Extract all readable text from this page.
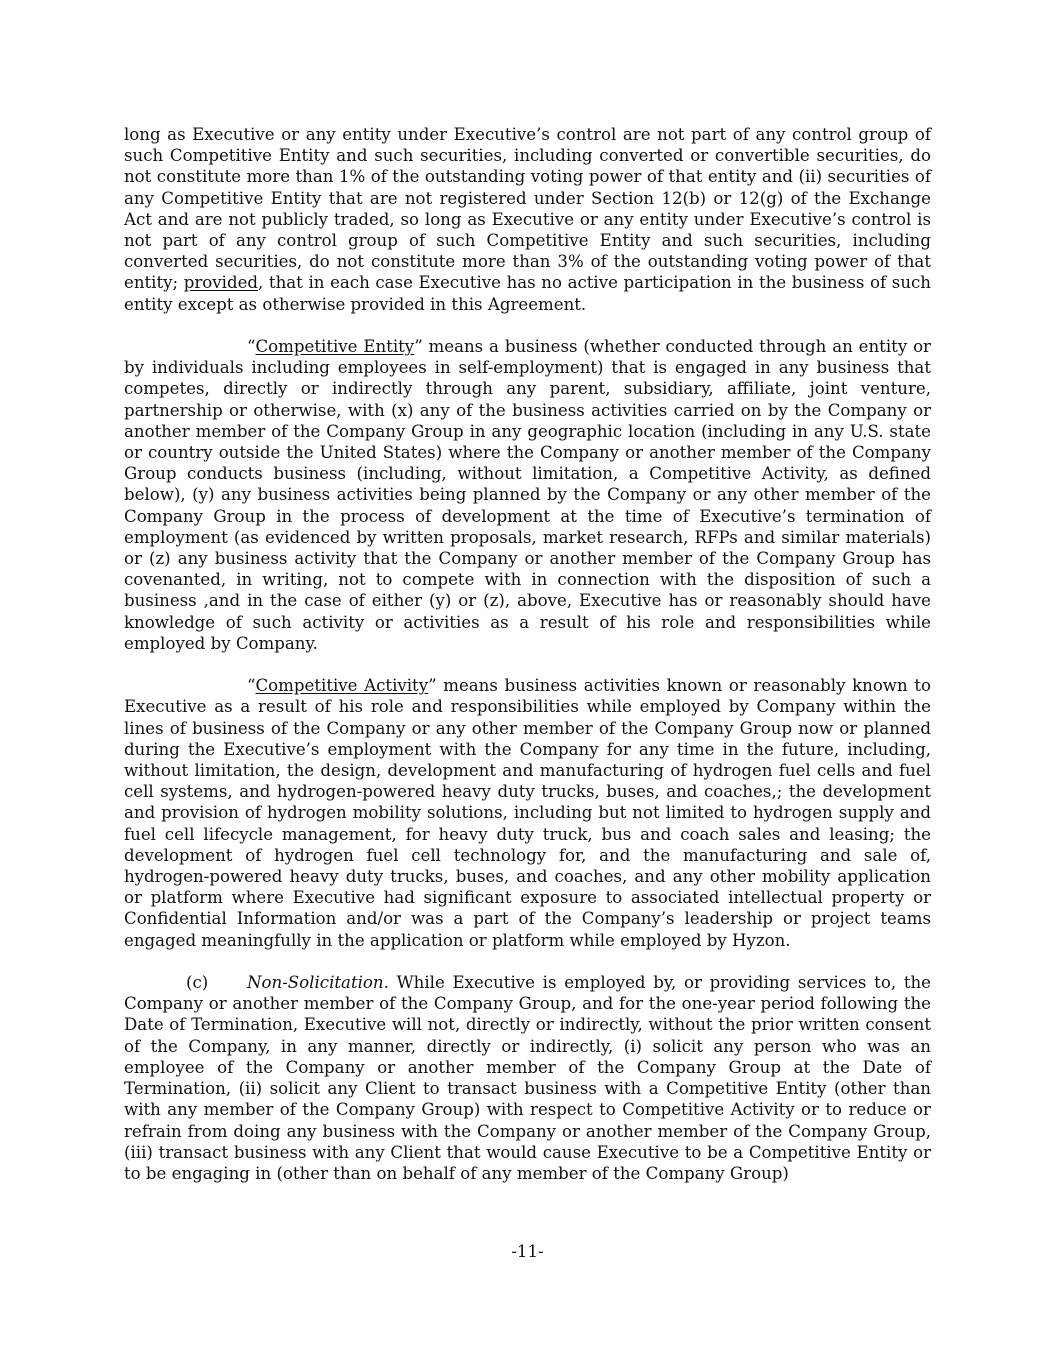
long as Executive or any entity under Executive’s control are not part of any control group of such Competitive Entity and such securities, including converted or convertible securities, do not constitute more than 1% of the outstanding voting power of that entity and (ii) securities of any Competitive Entity that are not registered under Section 12(b) or 12(g) of the Exchange Act and are not publicly traded, so long as Executive or any entity under Executive’s control is not part of any control group of such Competitive Entity and such securities, including converted securities, do not constitute more than 3% of the outstanding voting power of that entity; provided, that in each case Executive has no active participation in the business of such entity except as otherwise provided in this Agreement.

“Competitive Entity” means a business (whether conducted through an entity or by individuals including employees in self-employment) that is engaged in any business that competes, directly or indirectly through any parent, subsidiary, affiliate, joint venture, partnership or otherwise, with (x) any of the business activities carried on by the Company or another member of the Company Group in any geographic location (including in any U.S. state or country outside the United States) where the Company or another member of the Company Group conducts business (including, without limitation, a Competitive Activity, as defined below), (y) any business activities being planned by the Company or any other member of the Company Group in the process of development at the time of Executive’s termination of employment (as evidenced by written proposals, market research, RFPs and similar materials) or (z) any business activity that the Company or another member of the Company Group has covenanted, in writing, not to compete with in connection with the disposition of such a business ,and in the case of either (y) or (z), above, Executive has or reasonably should have knowledge of such activity or activities as a result of his role and responsibilities while employed by Company.

“Competitive Activity” means business activities known or reasonably known to Executive as a result of his role and responsibilities while employed by Company within the lines of business of the Company or any other member of the Company Group now or planned during the Executive’s employment with the Company for any time in the future, including, without limitation, the design, development and manufacturing of hydrogen fuel cells and fuel cell systems, and hydrogen-powered heavy duty trucks, buses, and coaches,; the development and provision of hydrogen mobility solutions, including but not limited to hydrogen supply and fuel cell lifecycle management, for heavy duty truck, bus and coach sales and leasing; the development of hydrogen fuel cell technology for, and the manufacturing and sale of, hydrogen-powered heavy duty trucks, buses, and coaches, and any other mobility application or platform where Executive had significant exposure to associated intellectual property or Confidential Information and/or was a part of the Company’s leadership or project teams engaged meaningfully in the application or platform while employed by Hyzon.

(c) Non-Solicitation. While Executive is employed by, or providing services to, the Company or another member of the Company Group, and for the one-year period following the Date of Termination, Executive will not, directly or indirectly, without the prior written consent of the Company, in any manner, directly or indirectly, (i) solicit any person who was an employee of the Company or another member of the Company Group at the Date of Termination, (ii) solicit any Client to transact business with a Competitive Entity (other than with any member of the Company Group) with respect to Competitive Activity or to reduce or refrain from doing any business with the Company or another member of the Company Group, (iii) transact business with any Client that would cause Executive to be a Competitive Entity or to be engaging in (other than on behalf of any member of the Company Group)

-11-
